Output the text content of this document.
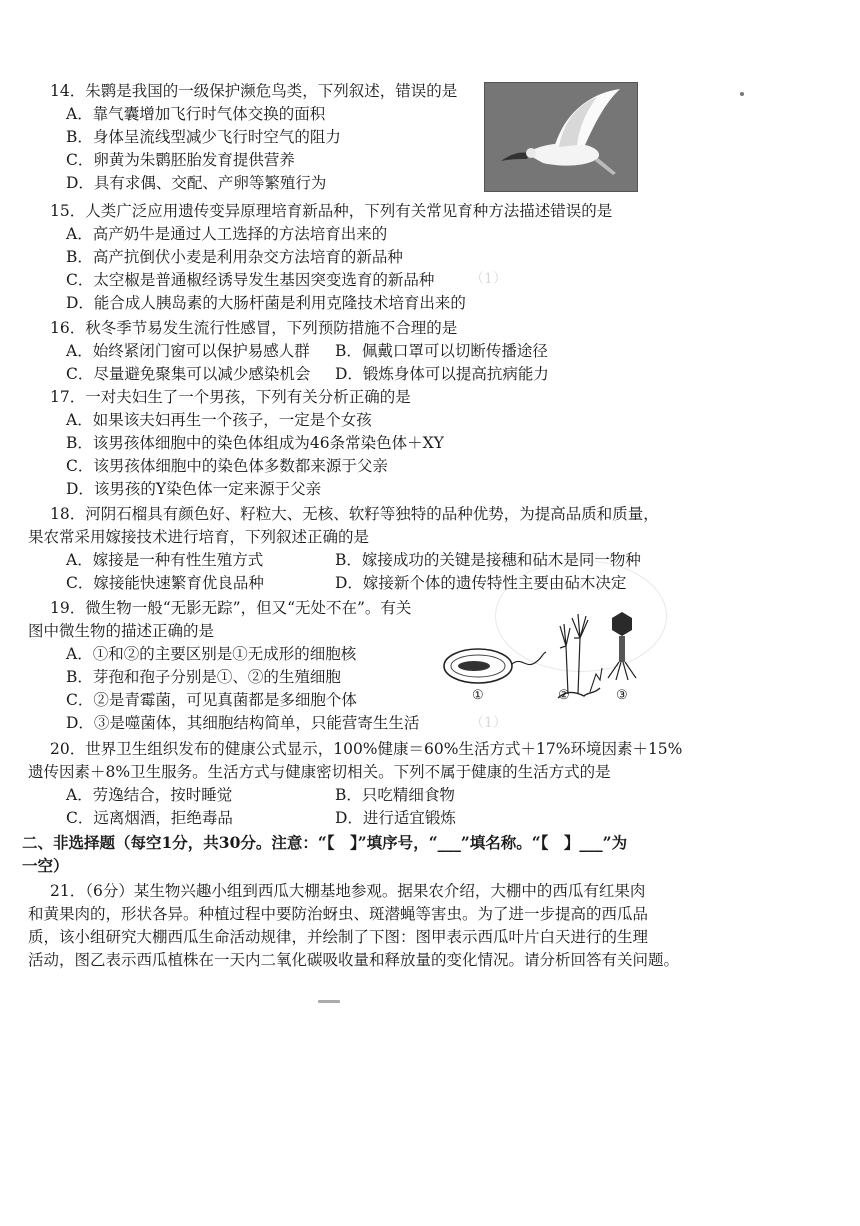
（1）　　　　　　　　　　　　　
（1）　　　　　　　　　　　　　
14．朱鹮是我国的一级保护濒危鸟类，下列叙述，错误的是
A．靠气囊增加飞行时气体交换的面积
B．身体呈流线型减少飞行时空气的阻力
C．卵黄为朱鹮胚胎发育提供营养
D．具有求偶、交配、产卵等繁殖行为
15．人类广泛应用遗传变异原理培育新品种，下列有关常见育种方法描述错误的是
A．高产奶牛是通过人工选择的方法培育出来的
B．高产抗倒伏小麦是利用杂交方法培育的新品种
C．太空椒是普通椒经诱导发生基因突变选育的新品种
D．能合成人胰岛素的大肠杆菌是利用克隆技术培育出来的
16．秋冬季节易发生流行性感冒，下列预防措施不合理的是
A．始终紧闭门窗可以保护易感人群 B．佩戴口罩可以切断传播途径
C．尽量避免聚集可以减少感染机会 D．锻炼身体可以提高抗病能力
17．一对夫妇生了一个男孩，下列有关分析正确的是
A．如果该夫妇再生一个孩子，一定是个女孩
B．该男孩体细胞中的染色体组成为46条常染色体＋XY
C．该男孩体细胞中的染色体多数都来源于父亲
D．该男孩的Y染色体一定来源于父亲
18．河阴石榴具有颜色好、籽粒大、无核、软籽等独特的品种优势，为提高品质和质量，
果农常采用嫁接技术进行培育，下列叙述正确的是
A．嫁接是一种有性生殖方式	B．嫁接成功的关键是接穗和砧木是同一物种
C．嫁接能快速繁育优良品种	D．嫁接新个体的遗传特性主要由砧木决定
19．微生物一般“无影无踪”，但又“无处不在”。有关
图中微生物的描述正确的是
A．①和②的主要区别是①无成形的细胞核
B．芽孢和孢子分别是①、②的生殖细胞
C．②是青霉菌，可见真菌都是多细胞个体
D．③是噬菌体，其细胞结构简单，只能营寄生生活
①	②	③
20．世界卫生组织发布的健康公式显示，100%健康＝60%生活方式＋17%环境因素＋15%
遗传因素＋8%卫生服务。生活方式与健康密切相关。下列不属于健康的生活方式的是
A．劳逸结合，按时睡觉	B．只吃精细食物
C．远离烟酒，拒绝毒品	D．进行适宜锻炼
二、非选择题（每空1分，共30分。注意：“【　】”填序号，“___”填名称。“【　】___”为
一空）
21．（6分）某生物兴趣小组到西瓜大棚基地参观。据果农介绍，大棚中的西瓜有红果肉
和黄果肉的，形状各异。种植过程中要防治蚜虫、斑潜蝇等害虫。为了进一步提高的西瓜品
质，该小组研究大棚西瓜生命活动规律，并绘制了下图：图甲表示西瓜叶片白天进行的生理
活动，图乙表示西瓜植株在一天内二氧化碳吸收量和释放量的变化情况。请分析回答有关问题。
